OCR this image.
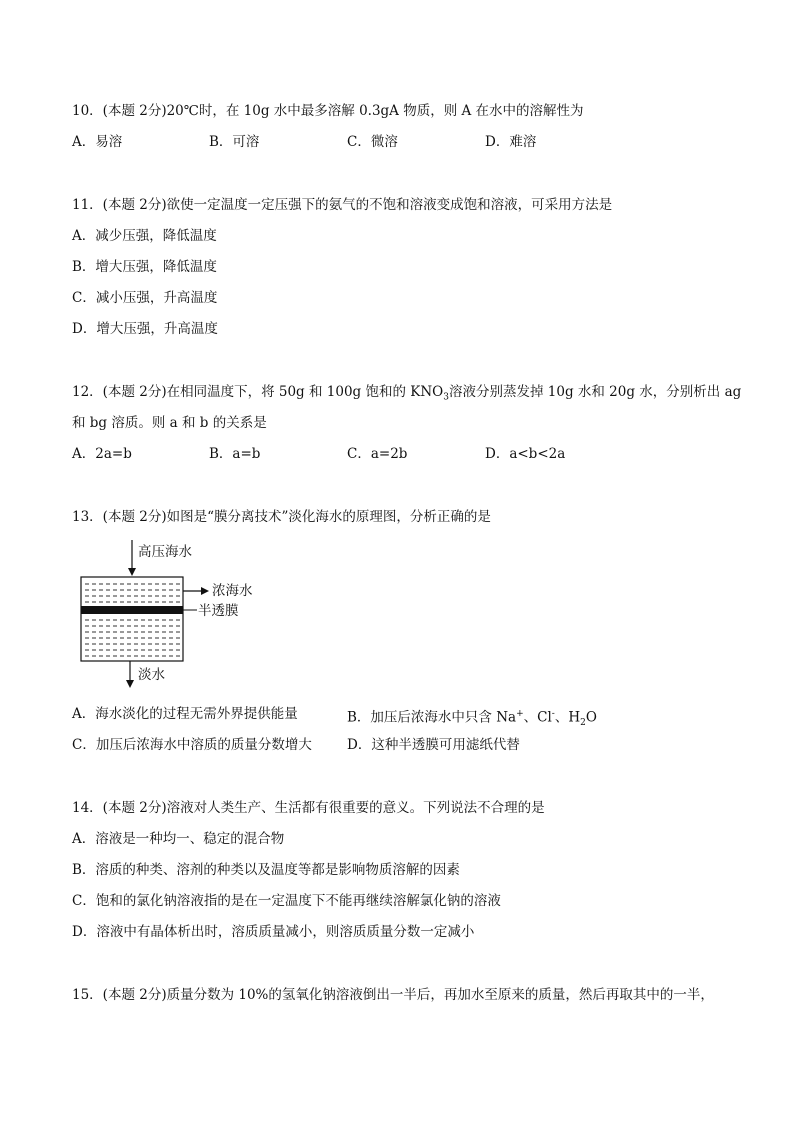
10．(本题 2分)20℃时，在 10g 水中最多溶解 0.3gA 物质，则 A 在水中的溶解性为
A．易溶	B．可溶	C．微溶	D．难溶
11．(本题 2分)欲使一定温度一定压强下的氨气的不饱和溶液变成饱和溶液，可采用方法是
A．减少压强，降低温度
B．增大压强，降低温度
C．减小压强，升高温度
D．增大压强，升高温度
12．(本题 2分)在相同温度下，将 50g 和 100g 饱和的 $KNO_3$溶液分别蒸发掉 10g 水和 20g 水，分别析出 ag
和 bg 溶质。则 a 和 b 的关系是
A．2a=b	B．a=b	C．a=2b	D．a<b<2a
13．(本题 2分)如图是“膜分离技术”淡化海水的原理图，分析正确的是
高压海水
浓海水
半透膜
淡水
A．海水淡化的过程无需外界提供能量	B．加压后浓海水中只含 Na+、Cl-、$H_2O$
C．加压后浓海水中溶质的质量分数增大	D．这种半透膜可用滤纸代替
14．(本题 2分)溶液对人类生产、生活都有很重要的意义。下列说法不合理的是
A．溶液是一种均一、稳定的混合物
B．溶质的种类、溶剂的种类以及温度等都是影响物质溶解的因素
C．饱和的氯化钠溶液指的是在一定温度下不能再继续溶解氯化钠的溶液
D．溶液中有晶体析出时，溶质质量减小，则溶质质量分数一定减小
15．(本题 2分)质量分数为 10%的氢氧化钠溶液倒出一半后，再加水至原来的质量，然后再取其中的一半，
